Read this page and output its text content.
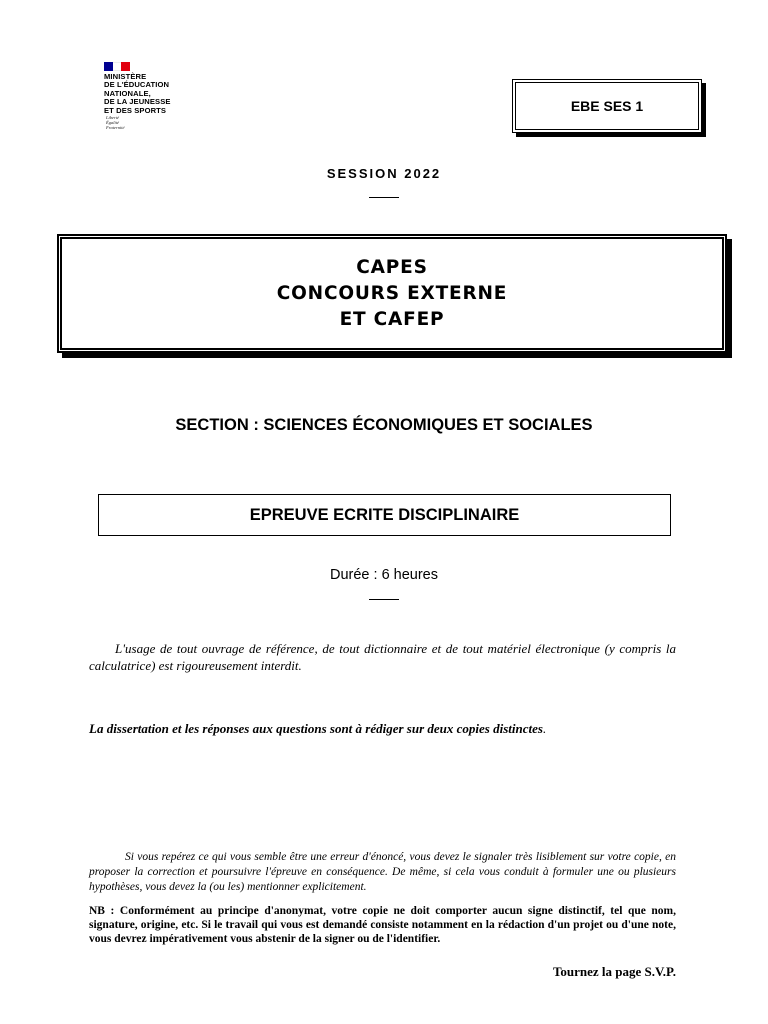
MINISTÈRE
DE L'ÉDUCATION
NATIONALE,
DE LA JEUNESSE
ET DES SPORTS
Liberté
Égalité
Fraternité
EBE SES 1
SESSION 2022
CAPES
CONCOURS EXTERNE
ET CAFEP
SECTION : SCIENCES ÉCONOMIQUES ET SOCIALES
EPREUVE ECRITE DISCIPLINAIRE
Durée : 6 heures
L'usage de tout ouvrage de référence, de tout dictionnaire et de tout matériel électronique (y compris la calculatrice) est rigoureusement interdit.
La dissertation et les réponses aux questions sont à rédiger sur deux copies distinctes.
Si vous repérez ce qui vous semble être une erreur d'énoncé, vous devez le signaler très lisiblement sur votre copie, en proposer la correction et poursuivre l'épreuve en conséquence. De même, si cela vous conduit à formuler une ou plusieurs hypothèses, vous devez la (ou les) mentionner explicitement.
NB : Conformément au principe d'anonymat, votre copie ne doit comporter aucun signe distinctif, tel que nom, signature, origine, etc. Si le travail qui vous est demandé consiste notamment en la rédaction d'un projet ou d'une note, vous devrez impérativement vous abstenir de la signer ou de l'identifier.
Tournez la page S.V.P.
